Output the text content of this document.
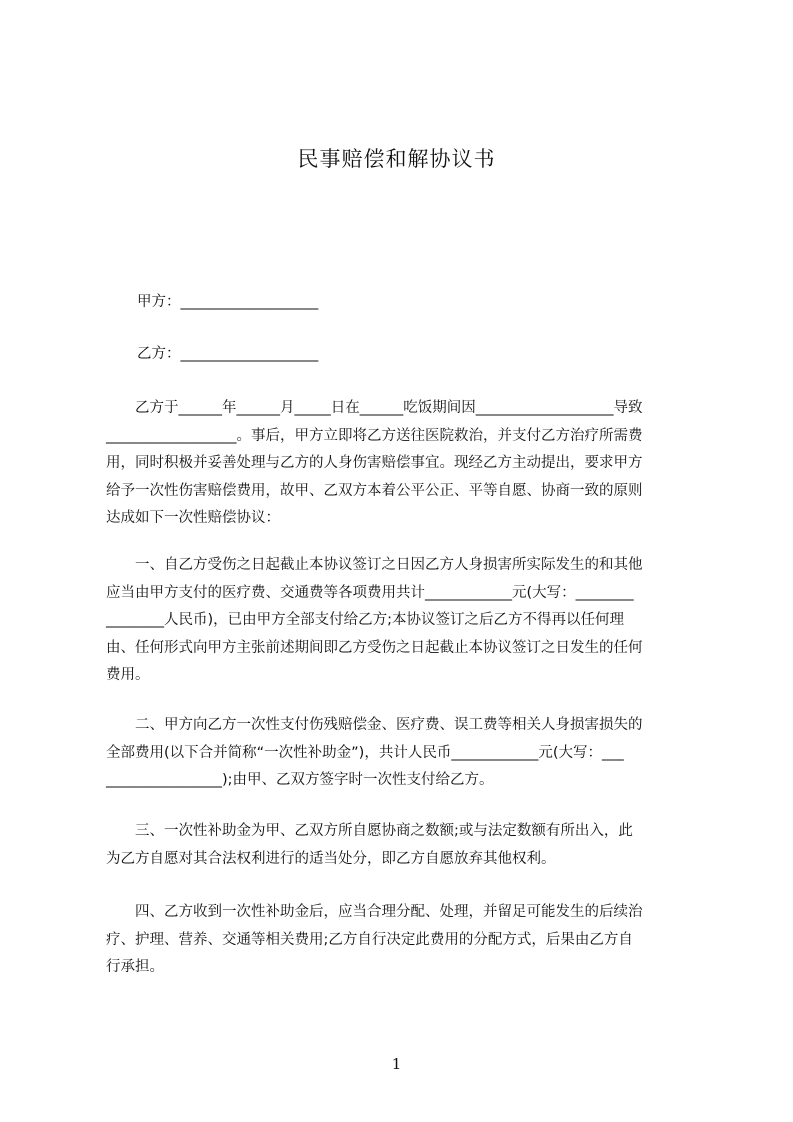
民事赔偿和解协议书
甲方：___________________
乙方：___________________
　　乙方于______年______月_____日在______吃饭期间因___________________导致
__________________。事后，甲方立即将乙方送往医院救治，并支付乙方治疗所需费
用，同时积极并妥善处理与乙方的人身伤害赔偿事宜。现经乙方主动提出，要求甲方
给予一次性伤害赔偿费用，故甲、乙双方本着公平公正、平等自愿、协商一致的原则
达成如下一次性赔偿协议：
　　一、自乙方受伤之日起截止本协议签订之日因乙方人身损害所实际发生的和其他
应当由甲方支付的医疗费、交通费等各项费用共计____________元(大写：________
________人民币)，已由甲方全部支付给乙方;本协议签订之后乙方不得再以任何理
由、任何形式向甲方主张前述期间即乙方受伤之日起截止本协议签订之日发生的任何
费用。
　　二、甲方向乙方一次性支付伤残赔偿金、医疗费、误工费等相关人身损害损失的
全部费用(以下合并简称“一次性补助金”)，共计人民币____________元(大写：___
________________);由甲、乙双方签字时一次性支付给乙方。
　　三、一次性补助金为甲、乙双方所自愿协商之数额;或与法定数额有所出入，此
为乙方自愿对其合法权利进行的适当处分，即乙方自愿放弃其他权利。
　　四、乙方收到一次性补助金后，应当合理分配、处理，并留足可能发生的后续治
疗、护理、营养、交通等相关费用;乙方自行决定此费用的分配方式，后果由乙方自
行承担。
1
